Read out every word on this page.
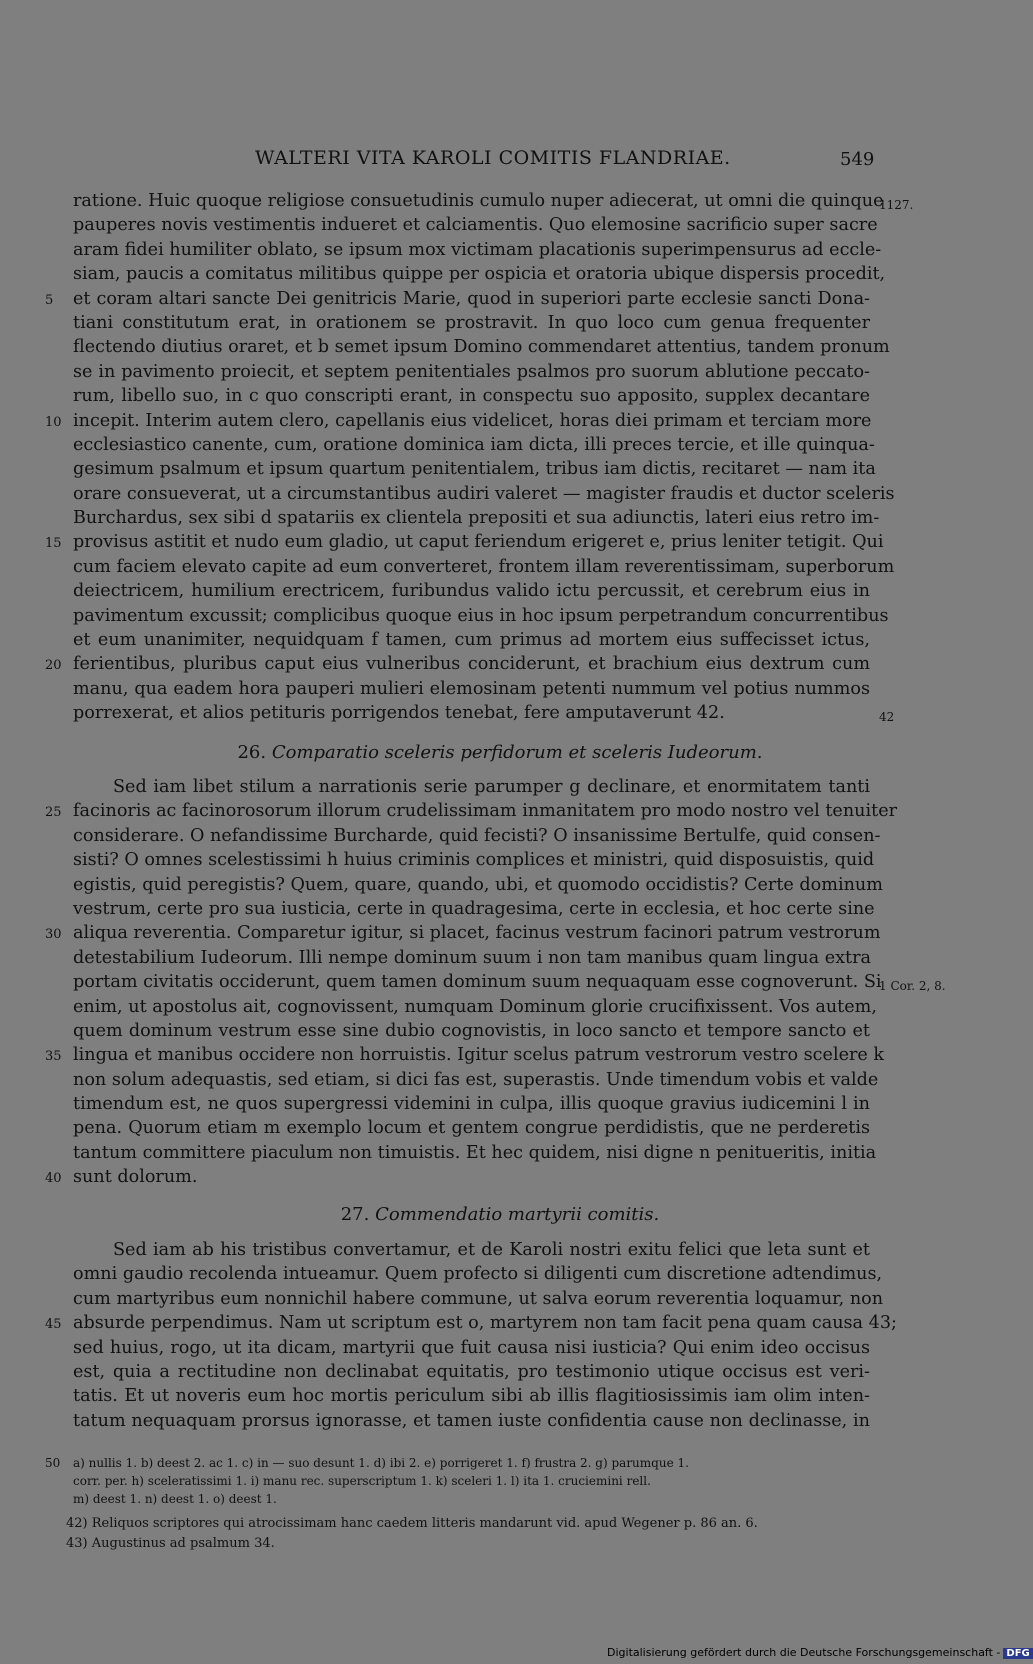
WALTERI VITA KAROLI COMITIS FLANDRIAE.	549
ratione. Huic quoque religiose consuetudinis cumulo nuper adiecerat, ut omni die quinque
1127.
pauperes novis vestimentis indueret et calciamentis. Quo elemosine sacrificio super sacre
aram fidei humiliter oblato, se ipsum mox victimam placationis superimpensurus ad eccle-
siam, paucis a comitatus militibus quippe per ospicia et oratoria ubique dispersis procedit,
et coram altari sancte Dei genitricis Marie, quod in superiori parte ecclesie sancti Dona-
5
tiani constitutum erat, in orationem se prostravit. In quo loco cum genua frequenter
flectendo diutius oraret, et b semet ipsum Domino commendaret attentius, tandem pronum
se in pavimento proiecit, et septem penitentiales psalmos pro suorum ablutione peccato-
rum, libello suo, in c quo conscripti erant, in conspectu suo apposito, supplex decantare
incepit. Interim autem clero, capellanis eius videlicet, horas diei primam et terciam more
10
ecclesiastico canente, cum, oratione dominica iam dicta, illi preces tercie, et ille quinqua-
gesimum psalmum et ipsum quartum penitentialem, tribus iam dictis, recitaret — nam ita
orare consueverat, ut a circumstantibus audiri valeret — magister fraudis et ductor sceleris
Burchardus, sex sibi d spatariis ex clientela prepositi et sua adiunctis, lateri eius retro im-
provisus astitit et nudo eum gladio, ut caput feriendum erigeret e, prius leniter tetigit. Qui
15
cum faciem elevato capite ad eum converteret, frontem illam reverentissimam, superborum
deiectricem, humilium erectricem, furibundus valido ictu percussit, et cerebrum eius in
pavimentum excussit; complicibus quoque eius in hoc ipsum perpetrandum concurrentibus
et eum unanimiter, nequidquam f tamen, cum primus ad mortem eius suffecisset ictus,
ferientibus, pluribus caput eius vulneribus conciderunt, et brachium eius dextrum cum
20
manu, qua eadem hora pauperi mulieri elemosinam petenti nummum vel potius nummos
porrexerat, et alios petituris porrigendos tenebat, fere amputaverunt 42.	42
26. Comparatio sceleris perfidorum et sceleris Iudeorum.
Sed iam libet stilum a narrationis serie parumper g declinare, et enormitatem tanti
facinoris ac facinorosorum illorum crudelissimam inmanitatem pro modo nostro vel tenuiter
25
considerare. O nefandissime Burcharde, quid fecisti? O insanissime Bertulfe, quid consen-
sisti? O omnes scelestissimi h huius criminis complices et ministri, quid disposuistis, quid
egistis, quid peregistis? Quem, quare, quando, ubi, et quomodo occidistis? Certe dominum
vestrum, certe pro sua iusticia, certe in quadragesima, certe in ecclesia, et hoc certe sine
aliqua reverentia. Comparetur igitur, si placet, facinus vestrum facinori patrum vestrorum
30
detestabilium Iudeorum. Illi nempe dominum suum i non tam manibus quam lingua extra
portam civitatis occiderunt, quem tamen dominum suum nequaquam esse cognoverunt. Si
1 Cor. 2, 8.
enim, ut apostolus ait, cognovissent, numquam Dominum glorie crucifixissent. Vos autem,
quem dominum vestrum esse sine dubio cognovistis, in loco sancto et tempore sancto et
lingua et manibus occidere non horruistis. Igitur scelus patrum vestrorum vestro scelere k
35
non solum adequastis, sed etiam, si dici fas est, superastis. Unde timendum vobis et valde
timendum est, ne quos supergressi videmini in culpa, illis quoque gravius iudicemini l in
pena. Quorum etiam m exemplo locum et gentem congrue perdidistis, que ne perderetis
tantum committere piaculum non timuistis. Et hec quidem, nisi digne n penitueritis, initia
sunt dolorum.
40
27. Commendatio martyrii comitis.
Sed iam ab his tristibus convertamur, et de Karoli nostri exitu felici que leta sunt et
omni gaudio recolenda intueamur. Quem profecto si diligenti cum discretione adtendimus,
cum martyribus eum nonnichil habere commune, ut salva eorum reverentia loquamur, non
absurde perpendimus. Nam ut scriptum est o, martyrem non tam facit pena quam causa 43;
45
sed huius, rogo, ut ita dicam, martyrii que fuit causa nisi iusticia? Qui enim ideo occisus
est, quia a rectitudine non declinabat equitatis, pro testimonio utique occisus est veri-
tatis. Et ut noveris eum hoc mortis periculum sibi ab illis flagitiosissimis iam olim inten-
tatum nequaquam prorsus ignorasse, et tamen iuste confidentia cause non declinasse, in
a) nullis 1. b) deest 2. ac 1. c) in — suo desunt 1. d) ibi 2. e) porrigeret 1. f) frustra 2. g) parumque 1.
50
corr. per. h) sceleratissimi 1. i) manu rec. superscriptum 1. k) sceleri 1. l) ita 1. cruciemini rell.
m) deest 1. n) deest 1. o) deest 1.
42) Reliquos scriptores qui atrocissimam hanc caedem litteris mandarunt vid. apud Wegener p. 86 an. 6.
43) Augustinus ad psalmum 34.
Digitalisierung gefördert durch die Deutsche Forschungsgemeinschaft - DFG
